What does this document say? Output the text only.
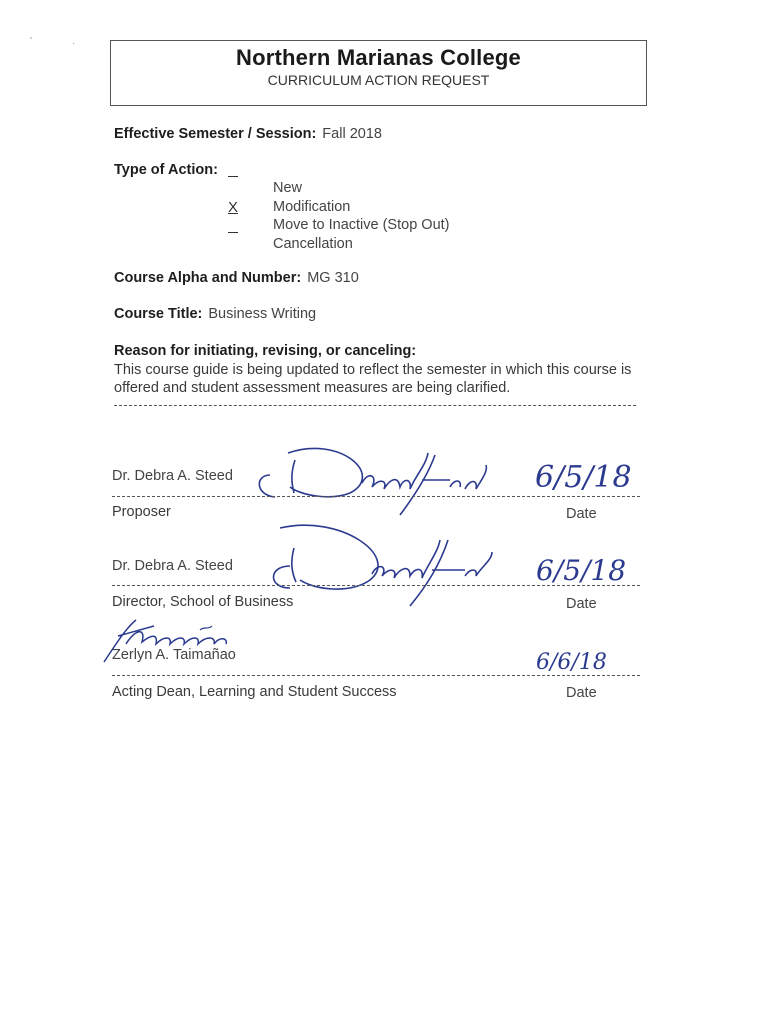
'	·
Northern Marianas College
CURRICULUM ACTION REQUEST
Effective Semester / Session: Fall 2018
Type of Action:
New
X Modification
Move to Inactive (Stop Out)
Cancellation
Course Alpha and Number: MG 310
Course Title: Business Writing
Reason for initiating, revising, or canceling:
This course guide is being updated to reflect the semester in which this course is offered and student assessment measures are being clarified.
Dr. Debra A. Steed	6/5/18
Proposer	Date
Dr. Debra A. Steed	6/5/18
Director, School of Business	Date
Zerlyn A. Taimañao	6/6/18
Acting Dean, Learning and Student Success	Date
